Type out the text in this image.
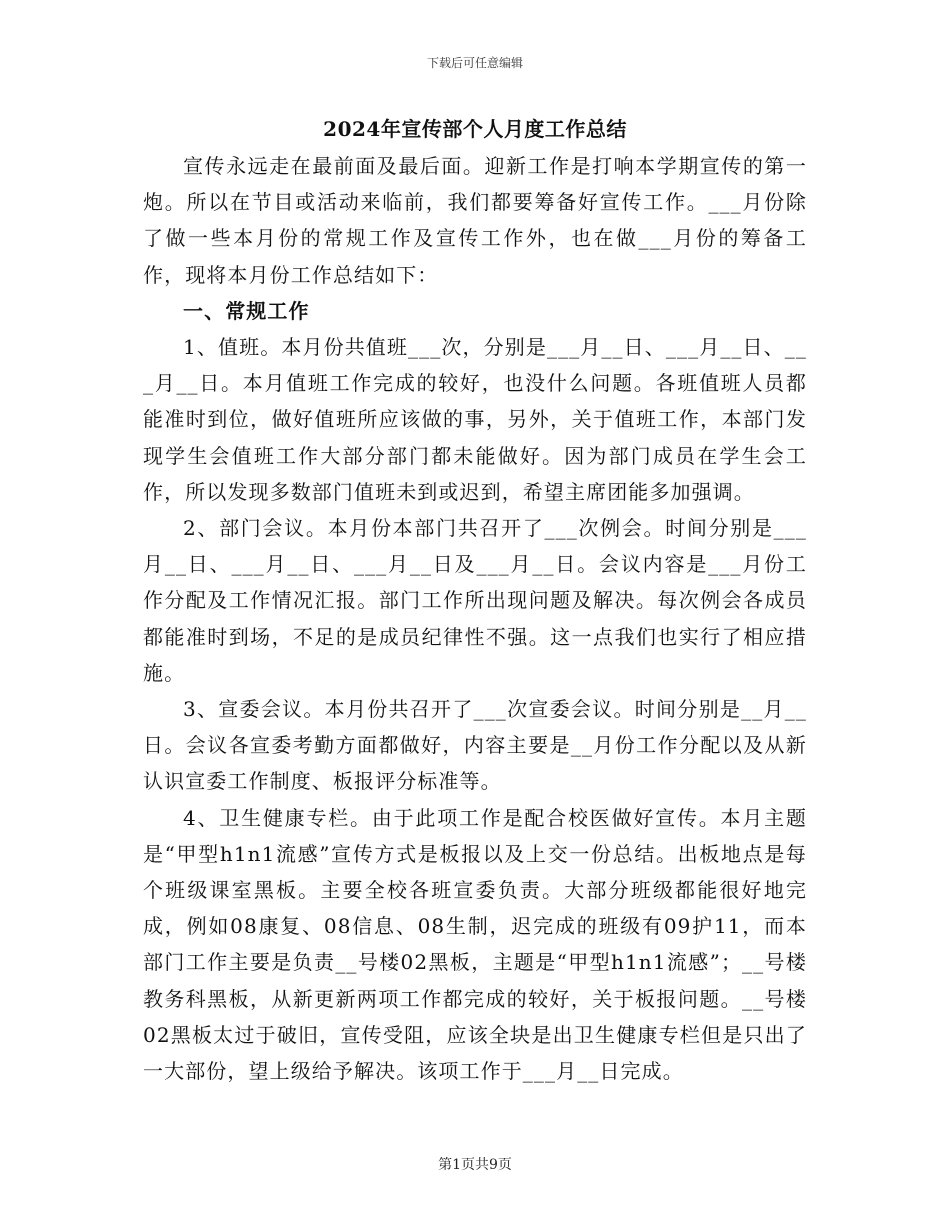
下载后可任意编辑
2024年宣传部个人月度工作总结

宣传永远走在最前面及最后面。迎新工作是打响本学期宣传的第一炮。所以在节目或活动来临前，我们都要筹备好宣传工作。___月份除了做一些本月份的常规工作及宣传工作外，也在做___月份的筹备工作，现将本月份工作总结如下：

一、常规工作

1、值班。本月份共值班___次，分别是___月__日、___月__日、___月__日。本月值班工作完成的较好，也没什么问题。各班值班人员都能准时到位，做好值班所应该做的事，另外，关于值班工作，本部门发现学生会值班工作大部分部门都未能做好。因为部门成员在学生会工作，所以发现多数部门值班未到或迟到，希望主席团能多加强调。

2、部门会议。本月份本部门共召开了___次例会。时间分别是___月__日、___月__日、___月__日及___月__日。会议内容是___月份工作分配及工作情况汇报。部门工作所出现问题及解决。每次例会各成员都能准时到场，不足的是成员纪律性不强。这一点我们也实行了相应措施。

3、宣委会议。本月份共召开了___次宣委会议。时间分别是__月__日。会议各宣委考勤方面都做好，内容主要是__月份工作分配以及从新认识宣委工作制度、板报评分标准等。

4、卫生健康专栏。由于此项工作是配合校医做好宣传。本月主题是“甲型h1n1流感”宣传方式是板报以及上交一份总结。出板地点是每个班级课室黑板。主要全校各班宣委负责。大部分班级都能很好地完成，例如08康复、08信息、08生制，迟完成的班级有09护11，而本部门工作主要是负责__号楼02黑板，主题是“甲型h1n1流感”；__号楼教务科黑板，从新更新两项工作都完成的较好，关于板报问题。__号楼02黑板太过于破旧，宣传受阻，应该全块是出卫生健康专栏但是只出了一大部份，望上级给予解决。该项工作于___月__日完成。

第1页共9页
